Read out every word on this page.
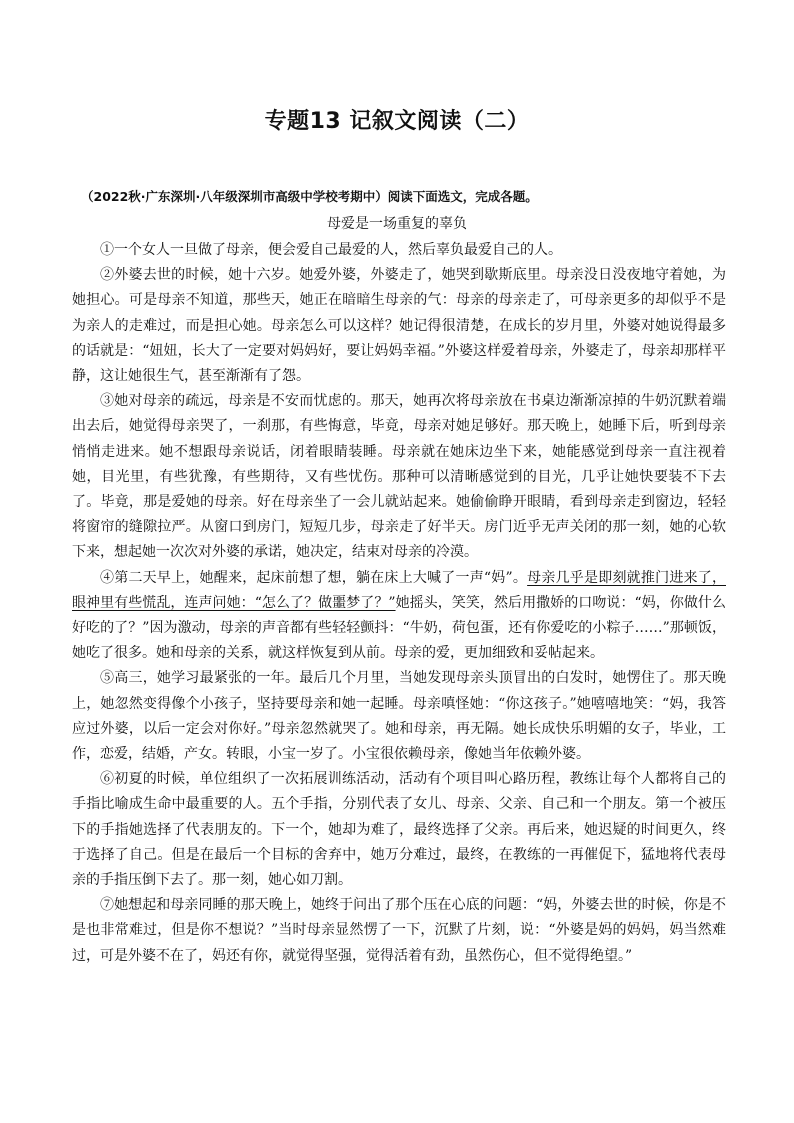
专题13 记叙文阅读（二）
（2022秋·广东深圳·八年级深圳市高级中学校考期中）阅读下面选文，完成各题。
母爱是一场重复的辜负

①一个女人一旦做了母亲，便会爱自己最爱的人，然后辜负最爱自己的人。

②外婆去世的时候，她十六岁。她爱外婆，外婆走了，她哭到歇斯底里。母亲没日没夜地守着她，为她担心。可是母亲不知道，那些天，她正在暗暗生母亲的气：母亲的母亲走了，可母亲更多的却似乎不是为亲人的走难过，而是担心她。母亲怎么可以这样？她记得很清楚，在成长的岁月里，外婆对她说得最多的话就是：“妞妞，长大了一定要对妈妈好，要让妈妈幸福。”外婆这样爱着母亲，外婆走了，母亲却那样平静，这让她很生气，甚至渐渐有了怨。

③她对母亲的疏远，母亲是不安而忧虑的。那天，她再次将母亲放在书桌边渐渐凉掉的牛奶沉默着端出去后，她觉得母亲哭了，一刹那，有些悔意，毕竟，母亲对她足够好。那天晚上，她睡下后，听到母亲悄悄走进来。她不想跟母亲说话，闭着眼睛装睡。母亲就在她床边坐下来，她能感觉到母亲一直注视着她，目光里，有些犹豫，有些期待，又有些忧伤。那种可以清晰感觉到的目光，几乎让她快要装不下去了。毕竟，那是爱她的母亲。好在母亲坐了一会儿就站起来。她偷偷睁开眼睛，看到母亲走到窗边，轻轻将窗帘的缝隙拉严。从窗口到房门，短短几步，母亲走了好半天。房门近乎无声关闭的那一刻，她的心软下来，想起她一次次对外婆的承诺，她决定，结束对母亲的冷漠。

④第二天早上，她醒来，起床前想了想，躺在床上大喊了一声“妈”。母亲几乎是即刻就推门进来了，眼神里有些慌乱，连声问她：“怎么了？做噩梦了？”她摇头，笑笑，然后用撒娇的口吻说：“妈，你做什么好吃的了？”因为激动，母亲的声音都有些轻轻颤抖：“牛奶，荷包蛋，还有你爱吃的小粽子……”那顿饭，她吃了很多。她和母亲的关系，就这样恢复到从前。母亲的爱，更加细致和妥帖起来。

⑤高三，她学习最紧张的一年。最后几个月里，当她发现母亲头顶冒出的白发时，她愣住了。那天晚上，她忽然变得像个小孩子，坚持要母亲和她一起睡。母亲嗔怪她：“你这孩子。”她嘻嘻地笑：“妈，我答应过外婆，以后一定会对你好。”母亲忽然就哭了。她和母亲，再无隔。她长成快乐明媚的女子，毕业，工作，恋爱，结婚，产女。转眼，小宝一岁了。小宝很依赖母亲，像她当年依赖外婆。

⑥初夏的时候，单位组织了一次拓展训练活动，活动有个项目叫心路历程，教练让每个人都将自己的手指比喻成生命中最重要的人。五个手指，分别代表了女儿、母亲、父亲、自己和一个朋友。第一个被压下的手指她选择了代表朋友的。下一个，她却为难了，最终选择了父亲。再后来，她迟疑的时间更久，终于选择了自己。但是在最后一个目标的舍弃中，她万分难过，最终，在教练的一再催促下，猛地将代表母亲的手指压倒下去了。那一刻，她心如刀割。

⑦她想起和母亲同睡的那天晚上，她终于问出了那个压在心底的问题：“妈，外婆去世的时候，你是不是也非常难过，但是你不想说？”当时母亲显然愣了一下，沉默了片刻，说：“外婆是妈的妈妈，妈当然难过，可是外婆不在了，妈还有你，就觉得坚强，觉得活着有劲，虽然伤心，但不觉得绝望。”
